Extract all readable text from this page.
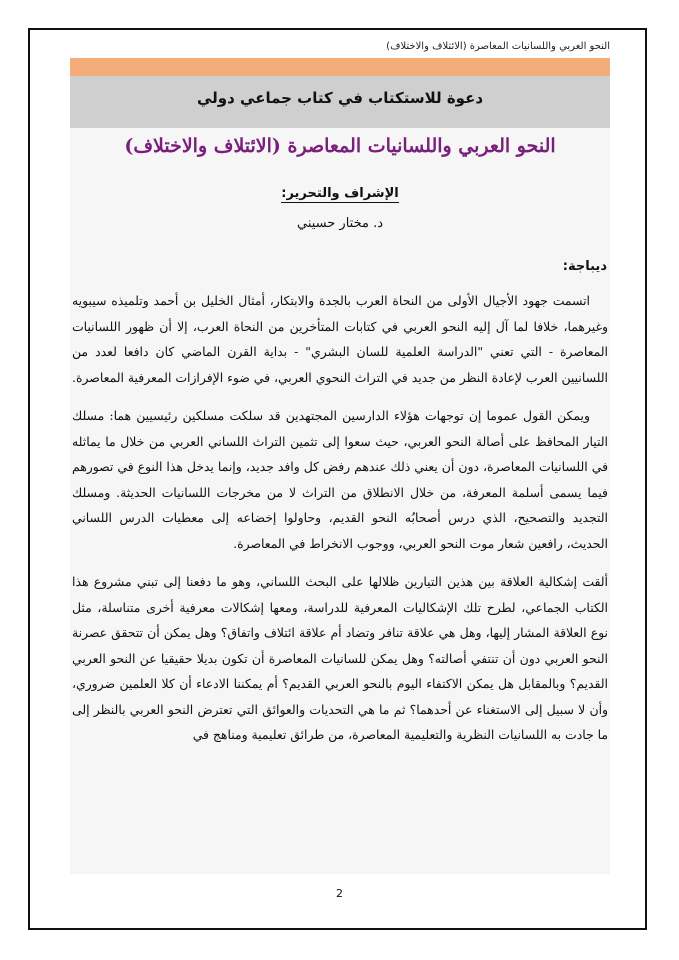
النحو العربي واللسانيات المعاصرة (الائتلاف والاختلاف)
دعوة للاستكتاب في كتاب جماعي دولي
النحو العربي واللسانيات المعاصرة (الائتلاف والاختلاف)
الإشراف والتحرير:
د. مختار حسيني
ديباجة:

اتسمت جهود الأجيال الأولى من النحاة العرب بالجدة والابتكار، أمثال الخليل بن أحمد وتلميذه سيبويه وغيرهما، خلافا لما آل إليه النحو العربي في كتابات المتأخرين من النحاة العرب، إلا أن ظهور اللسانيات المعاصرة - التي تعني "الدراسة العلمية للسان البشري" - بداية القرن الماضي كان دافعا لعدد من اللسانيين العرب لإعادة النظر من جديد في التراث النحوي العربي، في ضوء الإفرازات المعرفية المعاصرة.

ويمكن القول عموما إن توجهات هؤلاء الدارسين المجتهدين قد سلكت مسلكين رئيسيين هما: مسلك التيار المحافظ على أصالة النحو العربي، حيث سعوا إلى تثمين التراث اللساني العربي من خلال ما يماثله في اللسانيات المعاصرة، دون أن يعني ذلك عندهم رفض كل وافد جديد، وإنما يدخل هذا النوع في تصورهم فيما يسمى أسلمة المعرفة، من خلال الانطلاق من التراث لا من مخرجات اللسانيات الحديثة. ومسلك التجديد والتصحيح، الذي درس أصحابُه النحو القديم، وحاولوا إخضاعه إلى معطيات الدرس اللساني الحديث، رافعين شعار موت النحو العربي، ووجوب الانخراط في المعاصرة.

ألقت إشكالية العلاقة بين هذين التيارين ظلالها على البحث اللساني، وهو ما دفعنا إلى تبني مشروع هذا الكتاب الجماعي، لطرح تلك الإشكاليات المعرفية للدراسة، ومعها إشكالات معرفية أخرى متناسلة، مثل نوع العلاقة المشار إليها، وهل هي علاقة تنافر وتضاد أم علاقة ائتلاف واتفاق؟ وهل يمكن أن تتحقق عصرنة النحو العربي دون أن تنتفي أصالته؟ وهل يمكن للسانيات المعاصرة أن تكون بديلا حقيقيا عن النحو العربي القديم؟ وبالمقابل هل يمكن الاكتفاء اليوم بالنحو العربي القديم؟ أم يمكننا الادعاء أن كلا العلمين ضروري، وأن لا سبيل إلى الاستغناء عن أحدهما؟ ثم ما هي التحديات والعوائق التي تعترض النحو العربي بالنظر إلى ما جادت به اللسانيات النظرية والتعليمية المعاصرة، من طرائق تعليمية ومناهج في

2
